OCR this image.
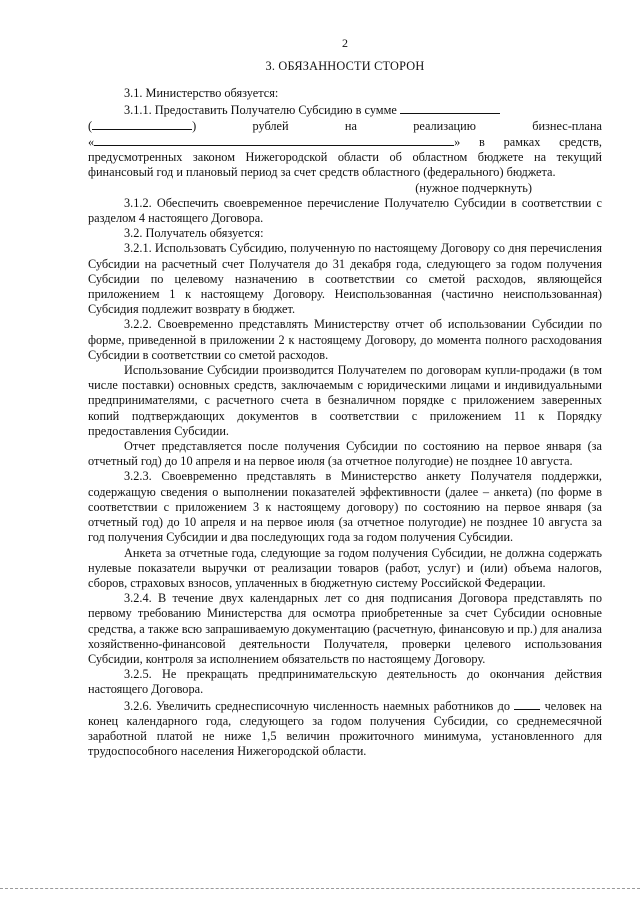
2
3. ОБЯЗАННОСТИ СТОРОН

3.1. Министерство обязуется:

3.1.1. Предоставить Получателю Субсидию в сумме

(	) рублей на реализацию бизнес-плана

«	» в рамках средств,

предусмотренных законом Нижегородской области об областном бюджете на текущий финансовый год и плановый период за счет средств областного (федерального) бюджета.

(нужное подчеркнуть)

3.1.2. Обеспечить своевременное перечисление Получателю Субсидии в соответствии с разделом 4 настоящего Договора.

3.2. Получатель обязуется:

3.2.1. Использовать Субсидию, полученную по настоящему Договору со дня перечисления Субсидии на расчетный счет Получателя до 31 декабря года, следующего за годом получения Субсидии по целевому назначению в соответствии со сметой расходов, являющейся приложением 1 к настоящему Договору. Неиспользованная (частично неиспользованная) Субсидия подлежит возврату в бюджет.

3.2.2. Своевременно представлять Министерству отчет об использовании Субсидии по форме, приведенной в приложении 2 к настоящему Договору, до момента полного расходования Субсидии в соответствии со сметой расходов.

Использование Субсидии производится Получателем по договорам купли-продажи (в том числе поставки) основных средств, заключаемым с юридическими лицами и индивидуальными предпринимателями, с расчетного счета в безналичном порядке с приложением заверенных копий подтверждающих документов в соответствии с приложением 11 к Порядку предоставления Субсидии.

Отчет представляется после получения Субсидии по состоянию на первое января (за отчетный год) до 10 апреля и на первое июля (за отчетное полугодие) не позднее 10 августа.

3.2.3. Своевременно представлять в Министерство анкету Получателя поддержки, содержащую сведения о выполнении показателей эффективности (далее – анкета) (по форме в соответствии с приложением 3 к настоящему договору) по состоянию на первое января (за отчетный год) до 10 апреля и на первое июля (за отчетное полугодие) не позднее 10 августа за год получения Субсидии и два последующих года за годом получения Субсидии.

Анкета за отчетные года, следующие за годом получения Субсидии, не должна содержать нулевые показатели выручки от реализации товаров (работ, услуг) и (или) объема налогов, сборов, страховых взносов, уплаченных в бюджетную систему Российской Федерации.

3.2.4. В течение двух календарных лет со дня подписания Договора представлять по первому требованию Министерства для осмотра приобретенные за счет Субсидии основные средства, а также всю запрашиваемую документацию (расчетную, финансовую и пр.) для анализа хозяйственно-финансовой деятельности Получателя, проверки целевого использования Субсидии, контроля за исполнением обязательств по настоящему Договору.

3.2.5. Не прекращать предпринимательскую деятельность до окончания действия настоящего Договора.

3.2.6. Увеличить среднесписочную численность наемных работников до	человек на конец календарного года, следующего за годом получения Субсидии, со среднемесячной заработной платой не ниже 1,5 величин прожиточного минимума, установленного для трудоспособного населения Нижегородской области.
